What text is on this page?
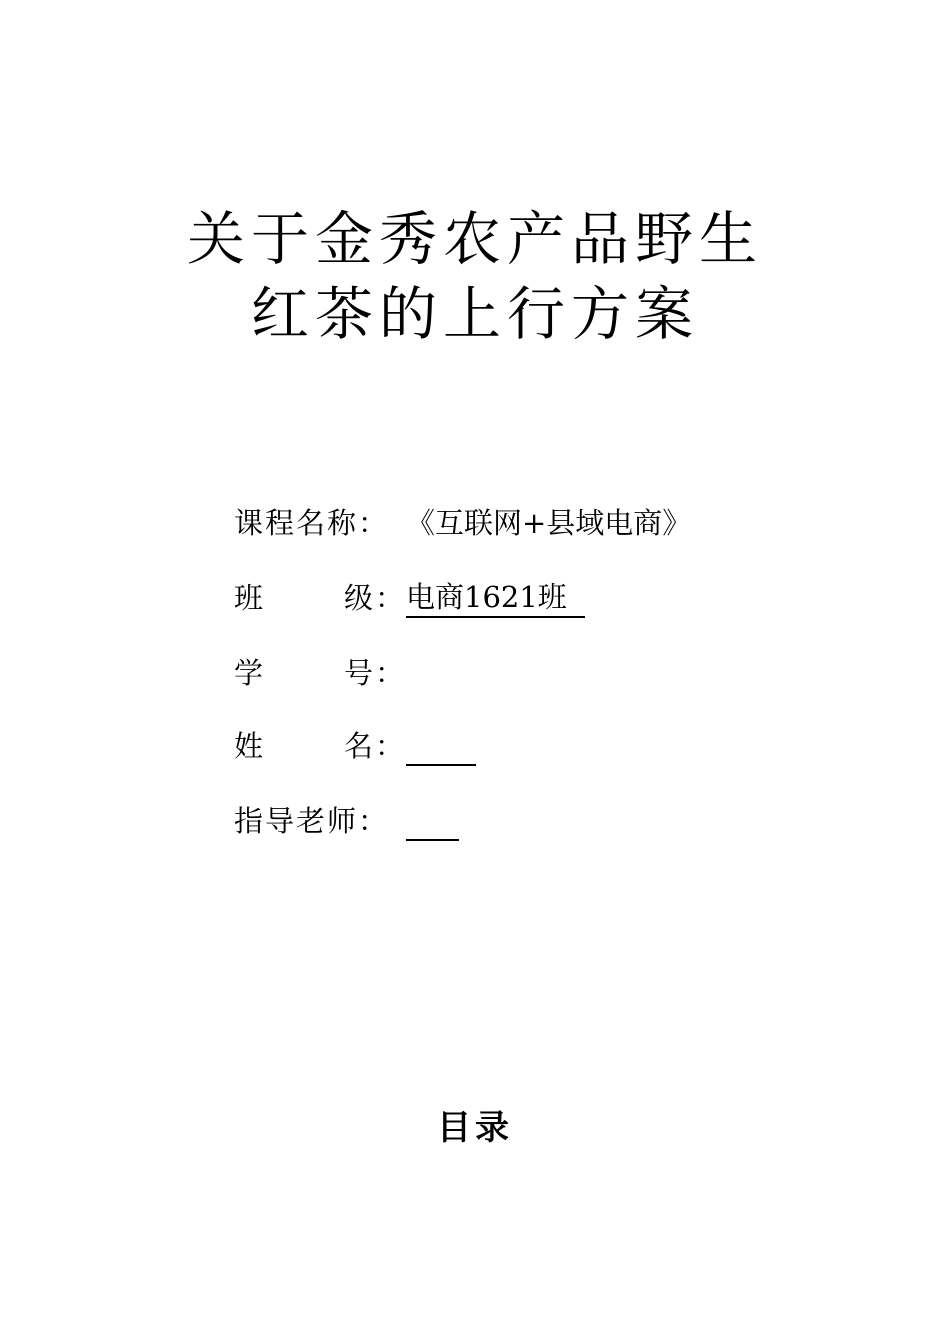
关于金秀农产品野生
红茶的上行方案
课程名称： 《互联网+县域电商》
班	级： 电商1621班
学	号：
姓	名：
指导老师：
目录
